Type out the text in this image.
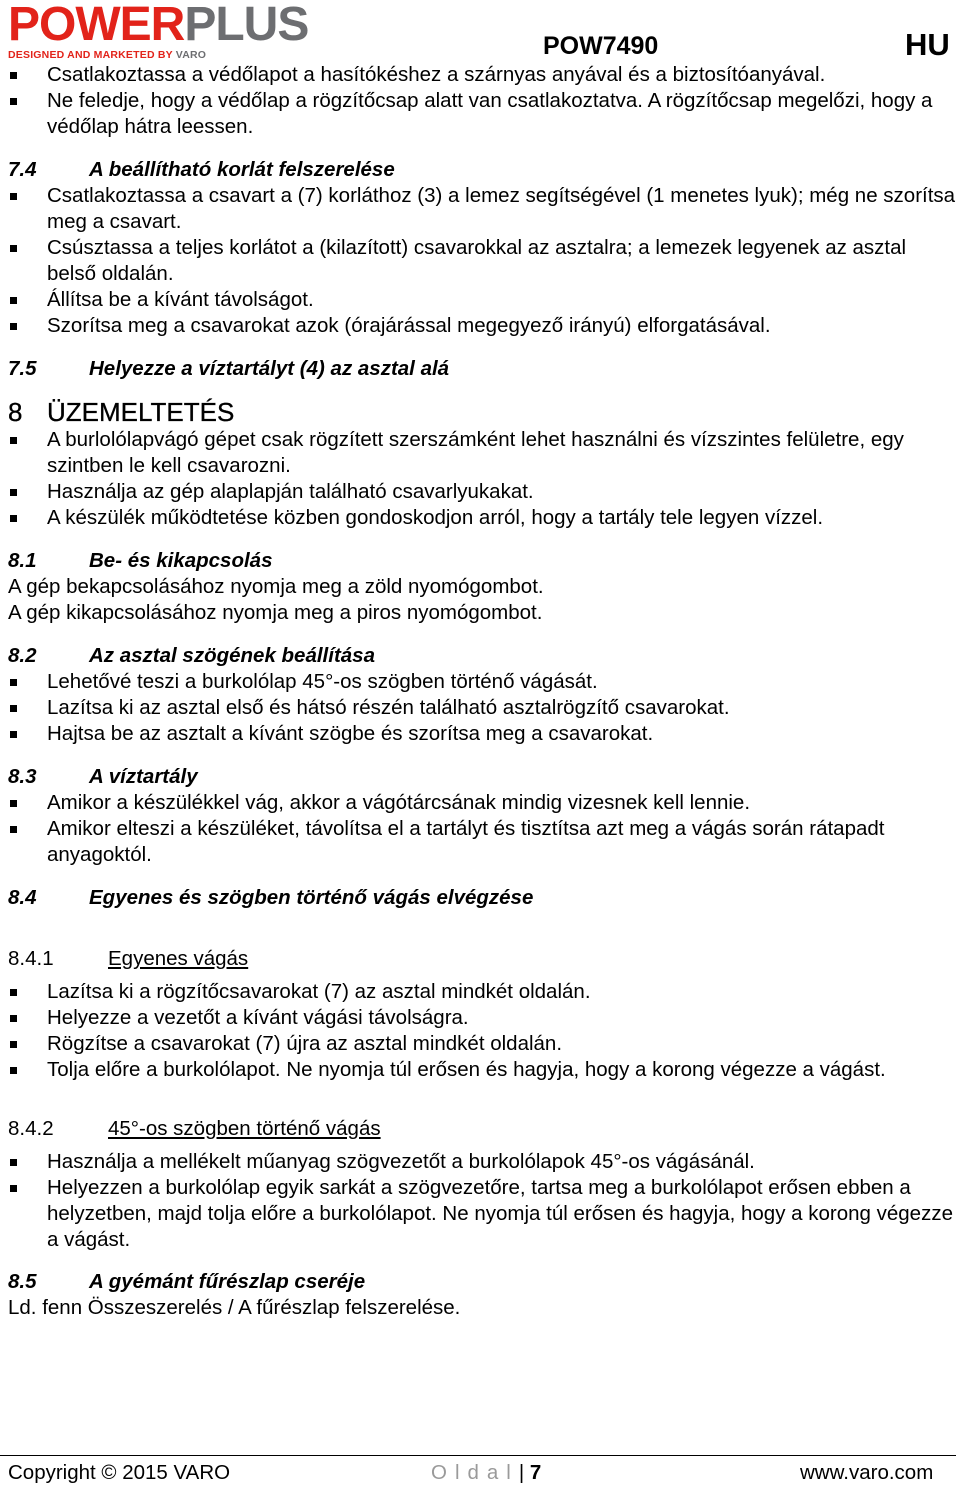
POWERPLUS
DESIGNED AND MARKETED BY VARO	POW7490	HU
Csatlakoztassa a védőlapot a hasítókéshez a szárnyas anyával és a biztosítóanyával.
Ne feledje, hogy a védőlap a rögzítőcsap alatt van csatlakoztatva. A rögzítőcsap megelőzi, hogy a védőlap hátra leessen.
7.4	A beállítható korlát felszerelése
Csatlakoztassa a csavart a (7) korláthoz (3) a lemez segítségével (1 menetes lyuk); még ne szorítsa meg a csavart.
Csúsztassa a teljes korlátot a (kilazított) csavarokkal az asztalra; a lemezek legyenek az asztal belső oldalán.
Állítsa be a kívánt távolságot.
Szorítsa meg a csavarokat azok (órajárással megegyező irányú) elforgatásával.
7.5	Helyezze a víztartályt (4) az asztal alá
8 ÜZEMELTETÉS
A burlolólapvágó gépet csak rögzített szerszámként lehet használni és vízszintes felületre, egy szintben le kell csavarozni.
Használja az gép alaplapján található csavarlyukakat.
A készülék működtetése közben gondoskodjon arról, hogy a tartály tele legyen vízzel.
8.1	Be- és kikapcsolás
A gép bekapcsolásához nyomja meg a zöld nyomógombot.
A gép kikapcsolásához nyomja meg a piros nyomógombot.
8.2	Az asztal szögének beállítása
Lehetővé teszi a burkolólap 45°-os szögben történő vágását.
Lazítsa ki az asztal első és hátsó részén található asztalrögzítő csavarokat.
Hajtsa be az asztalt a kívánt szögbe és szorítsa meg a csavarokat.
8.3	A víztartály
Amikor a készülékkel vág, akkor a vágótárcsának mindig vizesnek kell lennie.
Amikor elteszi a készüléket, távolítsa el a tartályt és tisztítsa azt meg a vágás során rátapadt anyagoktól.
8.4	Egyenes és szögben történő vágás elvégzése
8.4.1	Egyenes vágás
Lazítsa ki a rögzítőcsavarokat (7) az asztal mindkét oldalán.
Helyezze a vezetőt a kívánt vágási távolságra.
Rögzítse a csavarokat (7) újra az asztal mindkét oldalán.
Tolja előre a burkolólapot. Ne nyomja túl erősen és hagyja, hogy a korong végezze a vágást.
8.4.2	45°-os szögben történő vágás
Használja a mellékelt műanyag szögvezetőt a burkolólapok 45°-os vágásánál.
Helyezzen a burkolólap egyik sarkát a szögvezetőre, tartsa meg a burkolólapot erősen ebben a helyzetben, majd tolja előre a burkolólapot. Ne nyomja túl erősen és hagyja, hogy a korong végezze a vágást.
8.5	A gyémánt fűrészlap cseréje
Ld. fenn Összeszerelés / A fűrészlap felszerelése.
Copyright © 2015 VARO	Oldal| 7	www.varo.com
